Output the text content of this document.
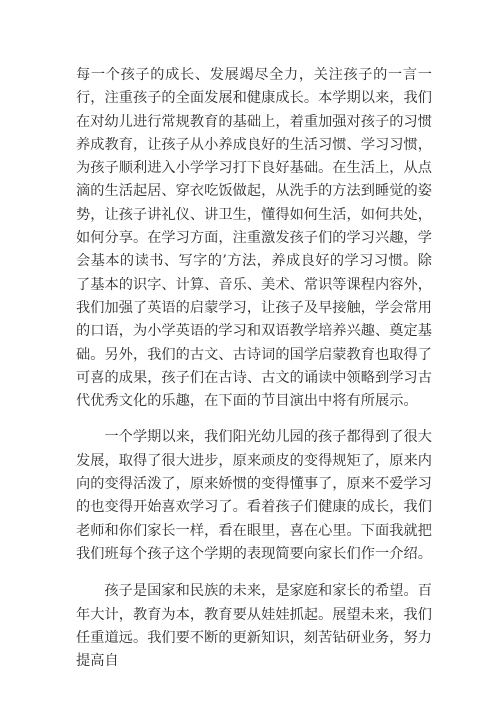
每一个孩子的成长、发展竭尽全力，关注孩子的一言一行，注重孩子的全面发展和健康成长。本学期以来，我们在对幼儿进行常规教育的基础上，着重加强对孩子的习惯养成教育，让孩子从小养成良好的生活习惯、学习习惯，为孩子顺利进入小学学习打下良好基础。在生活上，从点滴的生活起居、穿衣吃饭做起，从洗手的方法到睡觉的姿势，让孩子讲礼仪、讲卫生，懂得如何生活，如何共处，如何分享。在学习方面，注重激发孩子们的学习兴趣，学会基本的读书、写字的’方法，养成良好的学习习惯。除了基本的识字、计算、音乐、美术、常识等课程内容外，我们加强了英语的启蒙学习，让孩子及早接触，学会常用的口语，为小学英语的学习和双语教学培养兴趣、奠定基础。另外，我们的古文、古诗词的国学启蒙教育也取得了可喜的成果，孩子们在古诗、古文的诵读中领略到学习古代优秀文化的乐趣，在下面的节目演出中将有所展示。

一个学期以来，我们阳光幼儿园的孩子都得到了很大发展，取得了很大进步，原来顽皮的变得规矩了，原来内向的变得活泼了，原来娇惯的变得懂事了，原来不爱学习的也变得开始喜欢学习了。看着孩子们健康的成长，我们老师和你们家长一样，看在眼里，喜在心里。下面我就把我们班每个孩子这个学期的表现简要向家长们作一介绍。

孩子是国家和民族的未来，是家庭和家长的希望。百年大计，教育为本，教育要从娃娃抓起。展望未来，我们任重道远。我们要不断的更新知识，刻苦钻研业务，努力提高自
